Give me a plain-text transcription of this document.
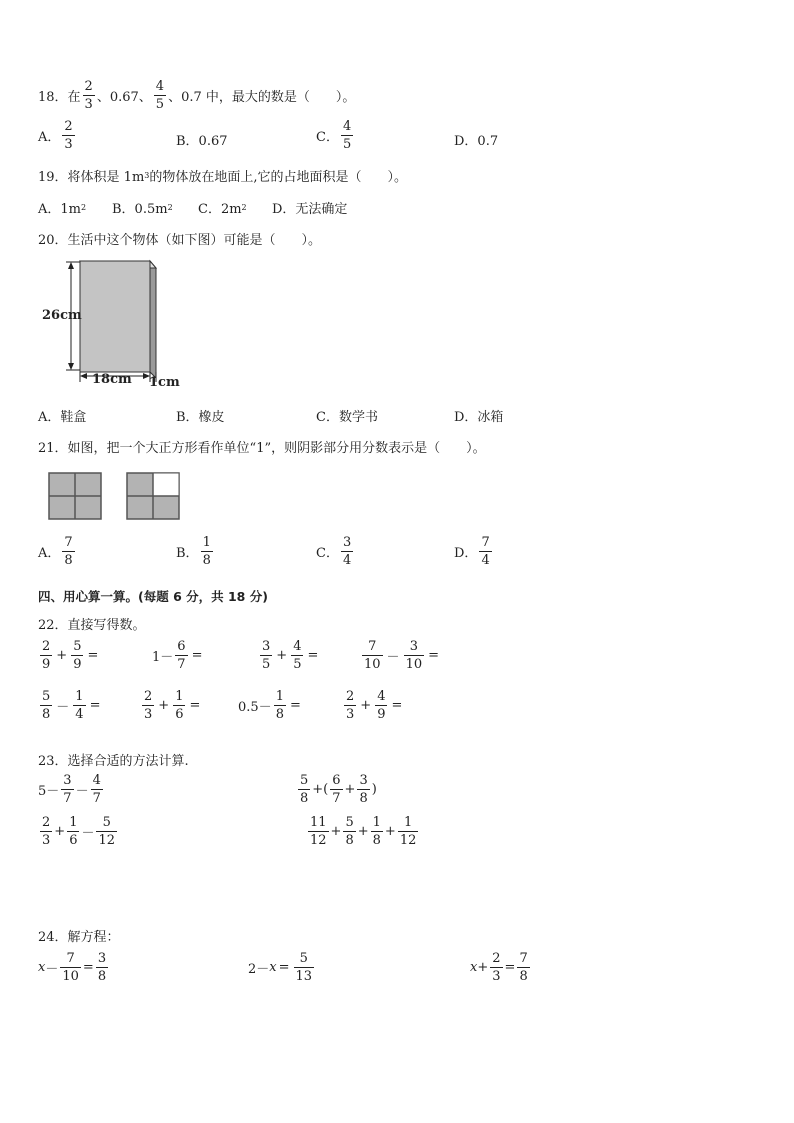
18．在 $\frac{2}{3}$ 、0.67、 $\frac{4}{5}$ 、0.7 中，最大的数是（　　）。
A． $\frac{2}{3}$	B．0.67	C． $\frac{4}{5}$	D．0.7
19．将体积是 1m 3 的物体放在地面上,它的占地面积是（　　）。
A．1m 2 B．0.5m 2 C．2m 2 D．无法确定
20．生活中这个物体（如下图）可能是（　　）。
26cm
18cm 1cm
A．鞋盒	B．橡皮	C．数学书	D．冰箱
21．如图，把一个大正方形看作单位“1”，则阴影部分用分数表示是（　　）。
A． $\frac{7}{8}$	B． $\frac{1}{8}$	C． $\frac{3}{4}$	D． $\frac{7}{4}$
四、用心算一算。(每题 6 分，共 18 分)
22．直接写得数。
$\frac{2}{9} + \frac{5}{9}$ =	$1- \frac{6}{7}$ =	$\frac{3}{5} + \frac{4}{5}$ =	$\frac{7}{10} - \frac{3}{10}$ =
$\frac{5}{8} - \frac{1}{4}$ =	$\frac{2}{3} + \frac{1}{6}$ =	$0.5- \frac{1}{8}$ =	$\frac{2}{3} + \frac{4}{9}$ =
23．选择合适的方法计算.
$5- \frac{3}{7} - \frac{4}{7}$	$\frac{5}{8}$ +( $\frac{6}{7} + \frac{3}{8}$ )
$\frac{2}{3} + \frac{1}{6} - \frac{5}{12}$	$\frac{11}{12} + \frac{5}{8} + \frac{1}{8} + \frac{1}{12}$
24．解方程：
$x - \frac{7}{10} = \frac{3}{8}$	$2- x = \frac{5}{13}$	$x + \frac{2}{3} = \frac{7}{8}$
